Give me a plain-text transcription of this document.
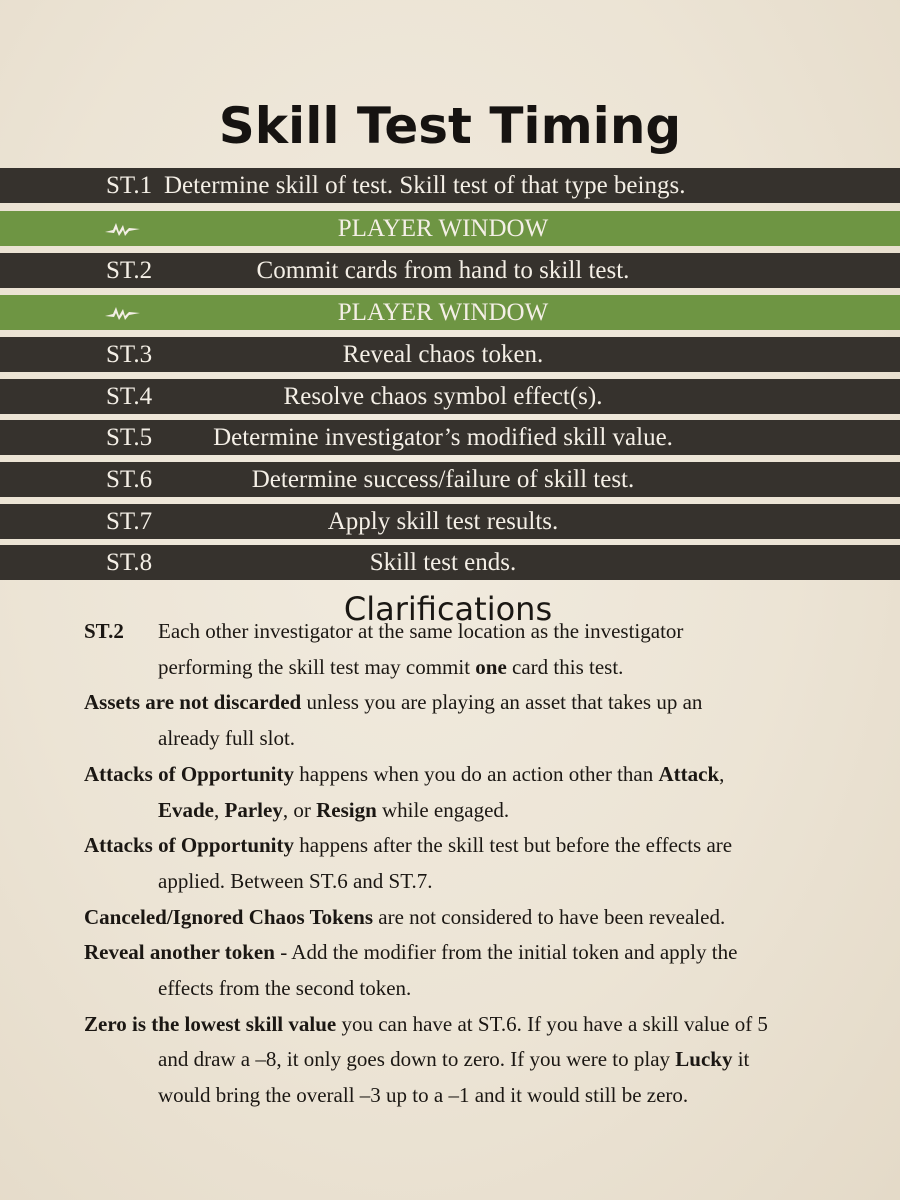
Skill Test Timing
ST.1 Determine skill of test. Skill test of that type beings.
PLAYER WINDOW
ST.2	Commit cards from hand to skill test.
PLAYER WINDOW
ST.3	Reveal chaos token.
ST.4	Resolve chaos symbol effect(s).
ST.5	Determine investigator’s modified skill value.
ST.6	Determine success/failure of skill test.
ST.7	Apply skill test results.
ST.8	Skill test ends.
Clarifications

ST.2 Each other investigator at the same location as the investigator
performing the skill test may commit one card this test.

Assets are not discarded unless you are playing an asset that takes up an
already full slot.

Attacks of Opportunity happens when you do an action other than Attack,
Evade, Parley, or Resign while engaged.

Attacks of Opportunity happens after the skill test but before the effects are
applied. Between ST.6 and ST.7.

Canceled/Ignored Chaos Tokens are not considered to have been revealed.

Reveal another token - Add the modifier from the initial token and apply the
effects from the second token.

Zero is the lowest skill value you can have at ST.6. If you have a skill value of 5
and draw a –8, it only goes down to zero. If you were to play Lucky it
would bring the overall –3 up to a –1 and it would still be zero.
